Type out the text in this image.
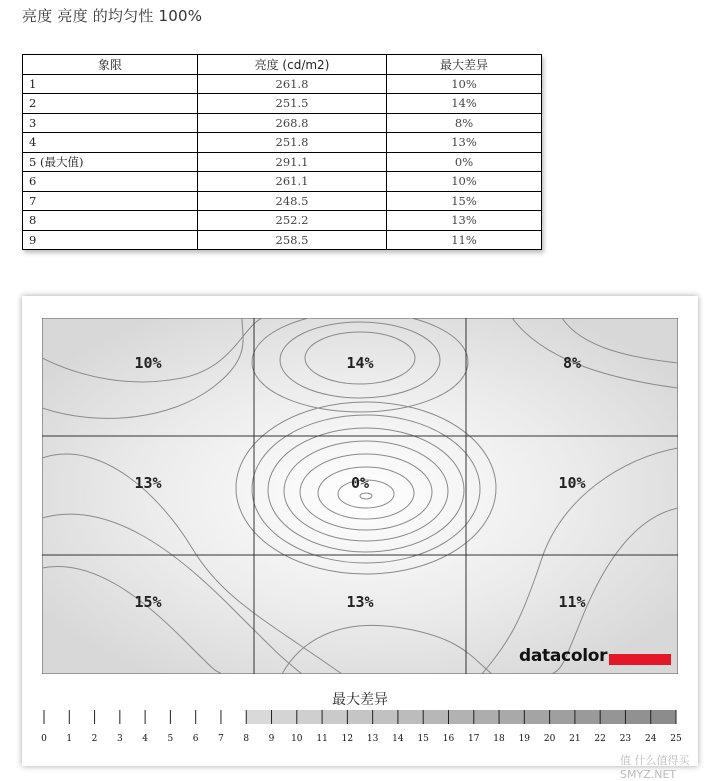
亮度 亮度 的均匀性 100%
象限	亮度 (cd/m2)	最大差异
1	261.8	10%
2	251.5	14%
3	268.8	8%
4	251.8	13%
5 (最大值)	291.1	0%
6	261.1	10%
7	248.5	15%
8	252.2	13%
9	258.5	11%
10%	14%	8%
13%	0%	10%
15%	13%	11%
datacolor
最大差异
0 1 2 3 4 5 6 7 8 9 10 11 12 13 14 15 16 17 18 19 20 21 22 23 24 25
值 什么值得买 SMYZ.NET
